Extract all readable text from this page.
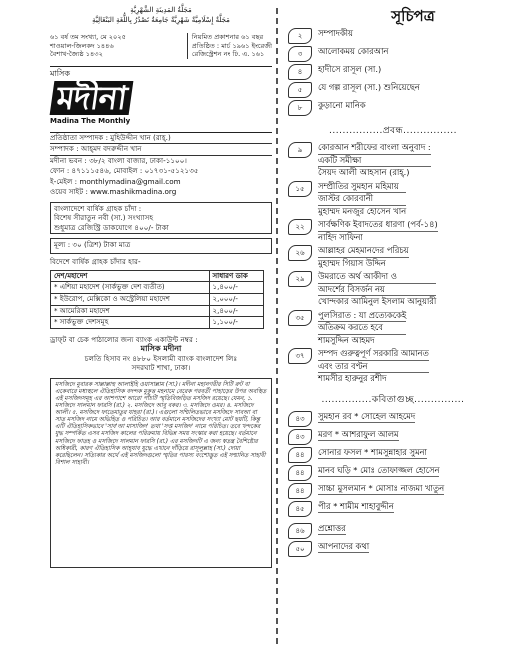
مَجَلَّةُ المَدِينَةِ الشَّهْرِيَّةِ
مَجَلَّةٌ إِسْلَامِيَّةٌ شَهْرِيَّةٌ جَامِعَةٌ تَصْدُرُ بِاللُّغَةِ البَنْغَالِيَّةِ
৬১ বর্ষ তম সংখ্যা, মে ২০২৫
শাওয়াল-জিলকদ ১৪৪৬
বৈশাখ-জ্যৈষ্ঠ ১৪৩২
নিয়মিত প্রকাশনার ৬১ বছর
প্রতিষ্ঠিত : মার্চ ১৯৬১ ইংরেজী
রেজিস্ট্রেশন নং ঢি. এ. ১৬১
মাসিক
মদীনা
Madina The Monthly
প্রতিষ্ঠাতা সম্পাদক : মুহিউদ্দীন খান (রাহ্.)
সম্পাদক : আহ্‌মদ বদরুদ্দীন খান
মদীনা ভবন : ৩৮/২ বাংলা বাজার, ঢাকা-১১০০।
ফোন : ৪৭১১১৫৪৬, মোবাইল : ০১৭৩১-৫১২১৩৫
ই-মেইল : monthlymadina@gmail.com
ওয়েব সাইট : www.mashikmadina.org
বাংলাদেশে বার্ষিক গ্রাহক চাঁদা :
বিশেষ সীরাতুন নবী (সা.) সংখ্যাসহ
শুধুমাত্র রেজিস্ট্রি ডাকযোগে ৪০০/- টাকা
মূল্য : ৩০ (ত্রিশ) টাকা মাত্র
বিদেশে বার্ষিক গ্রাহক চাঁদার হার-
দেশ/মহাদেশ	সাধারণ ডাক
* এশিয়া মহাদেশ (সার্কভুক্ত দেশ ব্যতীত)	১,৪০০/-
* ইউরোপ, মেক্সিকো ও অস্ট্রেলিয়া মহাদেশ	২,০০০/-
* আমেরিকা মহাদেশ	২,৪০০/-
* সার্কভুক্ত দেশসমূহ	১,১০০/-
ড্রাফ্‌ট বা চেক পাঠালোর জন্য ব্যাংক একাউন্ট নম্বর :
মাসিক মদীনা
চলতি হিসাব নং ৪৮৮০ ইসলামী ব্যাংক বাংলাদেশ লিঃ
সদরঘাট শাখা, ঢাকা।
মসজিদে মুবারক সাল্লাল্লাহু আলাইহি ওয়াসাল্লাম (সা.)। মদীনা মহানগরীর সিটি রুট বা একেবারে মধ্যস্থলে ঐতিহাসিক বদন্দক মুকুত্ত মহনামে বেরেক পরবর্তী পাহাড়ের উপর অবস্থিত এই মসজিদসমূহ এর আশপাশে আরো পাঁচটি স্মৃতিবিজড়িত মসজিদ রয়েছে। যেমন, ১. মসজিদে সালমান ফারসি (রা.) ২. মসজিদে আবু বকর। ৩. মসজিদে ওমর। ৪. মসজিদে আলী। ৫. মসজিদে ফাতেমাতুর যাহরা (রা.)। এগুলো সম্মিলিতভাবে মসজিদে সাবআ বা সাত মসজিদ নামে অভিহিত ও পরিচিত। আর বর্তমানে মসজিদের সংখ্যা মোট ছয়টি, কিন্তু এটি ঐতিহাসিকভাবে 'সাব'আ মাসাজিদ' তথা 'সপ্ত মসজিদ' নামে পরিচিত। তবে খন্দকের যুদ্ধ সম্পর্কিত এসব মসজিদ কালের পরিক্রমায় বিভিন্ন সময় সংস্কার করা হয়েছে। বর্তমানে মসজিদে ফাতহ ও মসজিদে সালমান ফারসি (রা.) এর মসজিদটি এ জন্য স্বতন্ত্র বৈশিষ্ট্যের অধিকারী, কারণ ঐতিহাসিক আহ্‌যাব যুদ্ধে এখানে দাঁড়িয়ে রাসূলুল্লাহ (সা.) দোয়া করেছিলেন। সত্যিকার অর্থে এই মসজিদগুলো স্মৃতির পারস্য বংশোদ্ভূত এই সম্মানিত সাহাবী বিশাল সাহাবী।
সূচিপত্র
২	সম্পাদকীয়
৩	আলোকময় কোরআন
৪	হাদীসে রাসূল (সা.)
৫	যে গল্প রাসূল (সা.) শুনিয়েছেন
৮	কুড়ানো মানিক
................প্রবন্ধ................
৯	কোরআন শরীফের বাংলা অনুবাদ :
একটি সমীক্ষা
সৈয়দ আলী আহসান (রাহ্.)
১৫	সম্প্রীতির সুমহান মহিমায়
জাস্টর কোরবানী
মুহাম্মদ মনজুর হোসেন খান
২২	সার্বক্ষণিক ইবাদতের ধারণা (পর্ব-১৪)
নাহিদ সাফিনা
২৬	আল্লাহর মেহমানদের পরিচয়
মুহাম্মদ গিয়াস উদ্দিন
২৯	উমরাতে অর্থ আকীদা ও
আদর্শের বিসর্জন নয়
খোন্দকার আমিনুল ইসলাম আনুয়ারী
৩৫	পুলসিরাত : যা প্রত্যেককেই
অতিক্রম করতে হবে
শামসুদ্দিন আহমদ
৩৭	সম্পদ গুরুত্বপূর্ণ সরকারি আমানত
এবং তার বণ্টন
শামসীর হারুনুর রশীদ
...............কবিতাগুচ্ছ...............
৪৩	সুমহান রব * সোহেল আহমেদ
৪৩	মরণ * আশরাফুল আলম
৪৪	সোনার ফসল * শামসুন্নাহার সুমনা
৪৪	মানব ঘড়ি * মোঃ তোফাজ্জল হোসেন
৪৪	সাচ্চা মুসলমান * মোসাঃ নাজমা খাতুন
৪৫	পীর * শামীম শাহাবুদ্দীন
৪৬	প্রশ্নোত্তর
৫০	আপনাদের কথা
